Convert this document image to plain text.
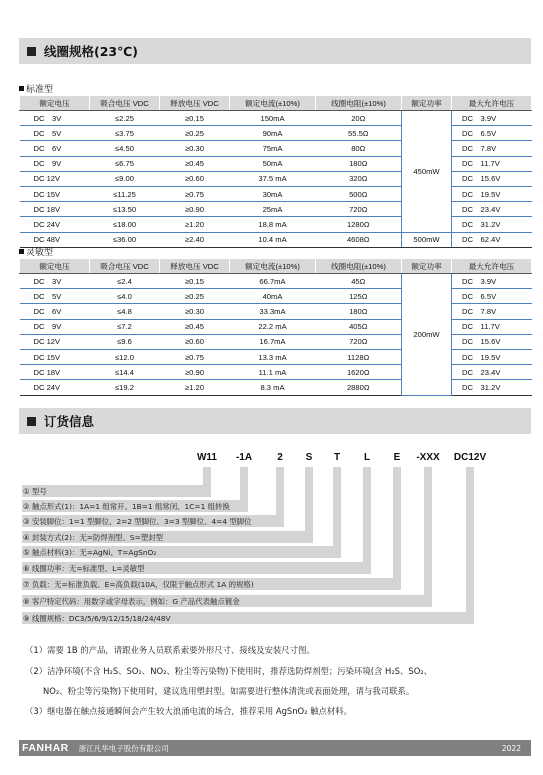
线圈规格(23℃)
标准型
额定电压	吸合电压 VDC	释放电压 VDC	额定电流(±10%)	线圈电阻(±10%)	额定功率	最大允许电压
DC　3V	≤2.25	≥0.15	150mA	20Ω	450mW	DC　3.9V
DC　5V	≤3.75	≥0.25	90mA	55.5Ω		DC　6.5V
DC　6V	≤4.50	≥0.30	75mA	80Ω		DC　7.8V
DC　9V	≤6.75	≥0.45	50mA	180Ω		DC　11.7V
DC 12V	≤9.00	≥0.60	37.5 mA	320Ω		DC　15.6V
DC 15V	≤11.25	≥0.75	30mA	500Ω		DC　19.5V
DC 18V	≤13.50	≥0.90	25mA	720Ω		DC　23.4V
DC 24V	≤18.00	≥1.20	18.8 mA	1280Ω		DC　31.2V
DC 48V	≤36.00	≥2.40	10.4 mA	4608Ω	500mW	DC　62.4V
灵敏型
额定电压	吸合电压 VDC	释放电压 VDC	额定电流(±10%)	线圈电阻(±10%)	额定功率	最大允许电压
DC　3V	≤2.4	≥0.15	66.7mA	45Ω	200mW	DC　3.9V
DC　5V	≤4.0	≥0.25	40mA	125Ω		DC　6.5V
DC　6V	≤4.8	≥0.30	33.3mA	180Ω		DC　7.8V
DC　9V	≤7.2	≥0.45	22.2 mA	405Ω		DC　11.7V
DC 12V	≤9.6	≥0.60	16.7mA	720Ω		DC　15.6V
DC 15V	≤12.0	≥0.75	13.3 mA	1128Ω		DC　19.5V
DC 18V	≤14.4	≥0.90	11.1 mA	1620Ω		DC　23.4V
DC 24V	≤19.2	≥1.20	8.3 mA	2880Ω		DC　31.2V
订货信息
W11 -1A	2	S	T L E	-XXX	DC12V
① 型号
② 触点形式(1)：1A=1 组常开、1B=1 组常闭、1C=1 组转换
③ 安装脚位：1=1 型脚位、2=2 型脚位、3=3 型脚位、4=4 型脚位
④ 封装方式(2)：无=防焊剂型、S=塑封型
⑤ 触点材料(3)：无=AgNi、T=AgSnO₂
⑥ 线圈功率：无=标准型、L=灵敏型
⑦ 负载：无=标准负载、E=高负载(10A，仅限于触点形式 1A 的规格)
⑧ 客户特定代码：用数字或字母表示，例如：G 产品代表触点镀金
⑨ 线圈规格：DC3/5/6/9/12/15/18/24/48V
（1）需要 1B 的产品，请跟业务人员联系索要外形尺寸、接线及安装尺寸图。
（2）洁净环境(不含 H₂S、SO₂、NO₂、粉尘等污染物)下使用时，推荐选防焊剂型；污染环境(含 H₂S、SO₂、
NO₂、粉尘等污染物)下使用时，建议选用塑封型。如需要进行整体清洗或表面处理，请与我司联系。
（3）继电器在触点接通瞬间会产生较大浪涌电流的场合，推荐采用 AgSnO₂ 触点材料。
FANHAR 浙江凡华电子股份有限公司	2022
